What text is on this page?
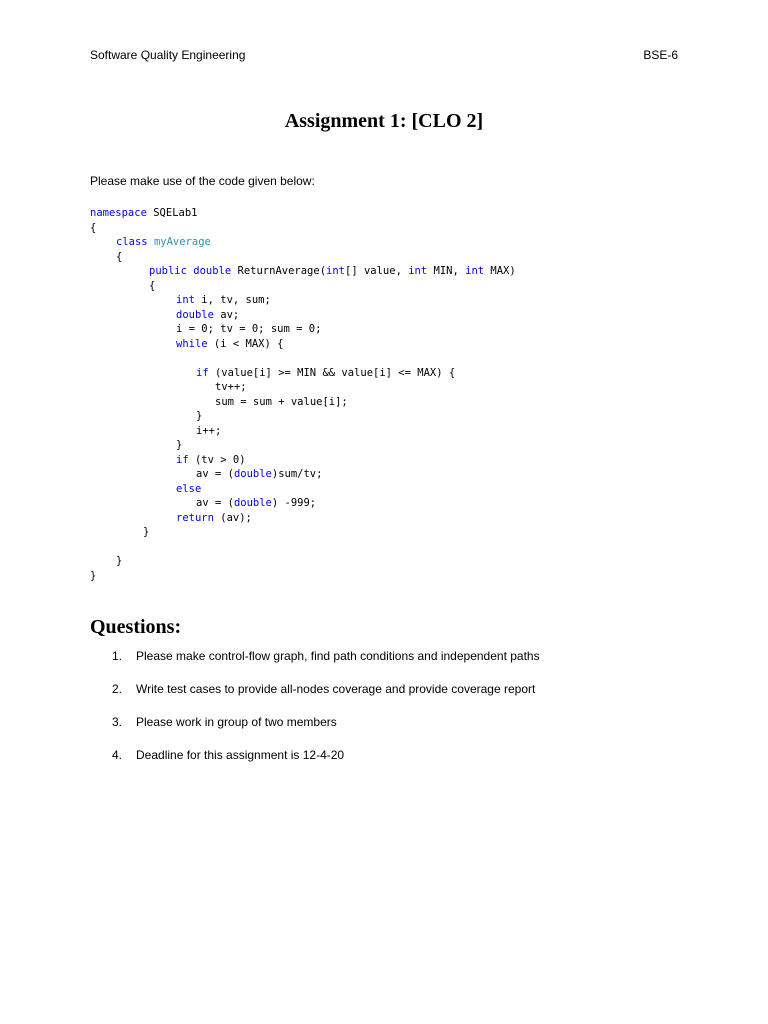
Software Quality Engineering	BSE-6
Assignment 1: [CLO 2]
Please make use of the code given below:
namespace SQELab1
{
class myAverage
{
public double ReturnAverage(int[] value, int MIN, int MAX)
{
int i, tv, sum;
double av;
i = 0; tv = 0; sum = 0;
while (i < MAX) {
if (value[i] >= MIN && value[i] <= MAX) {
tv++;
sum = sum + value[i];
}
i++;
}
if (tv > 0)
av = (double)sum/tv;
else
av = (double) -999;
return (av);
}
}
}
Questions:
1. Please make control-flow graph, find path conditions and independent paths
2. Write test cases to provide all-nodes coverage and provide coverage report
3. Please work in group of two members
4. Deadline for this assignment is 12-4-20
